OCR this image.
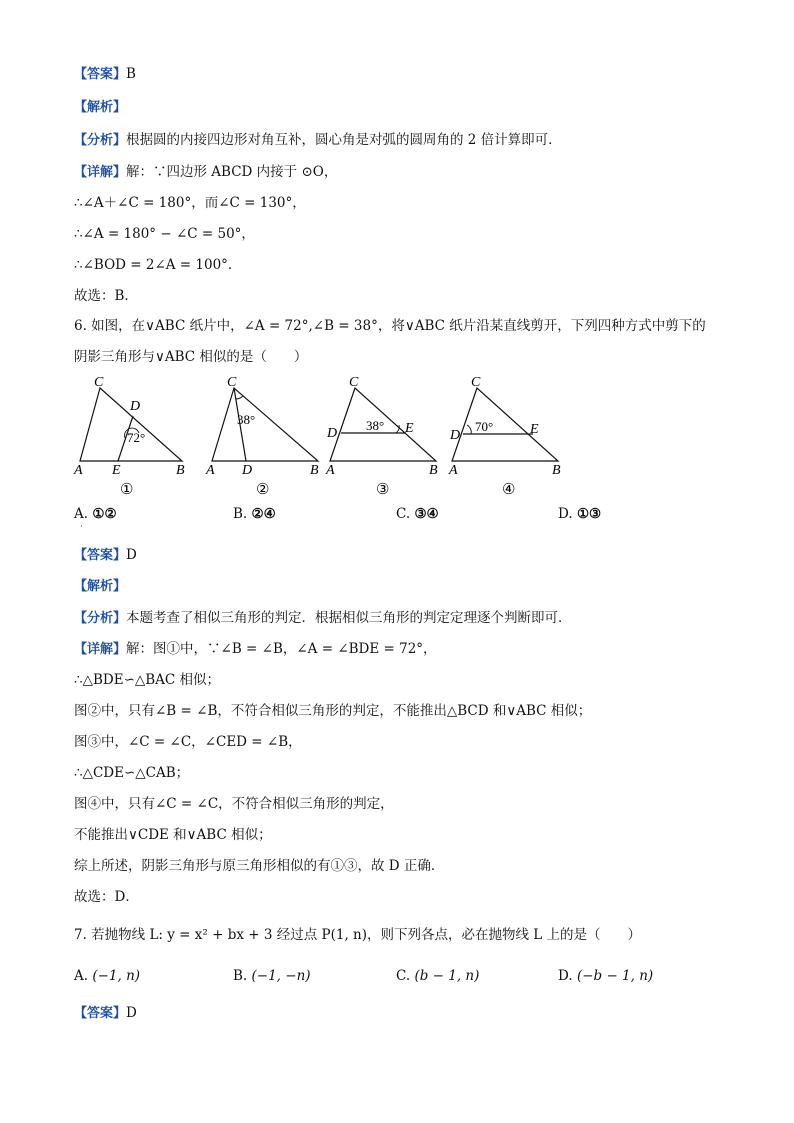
【答案】B
【解析】
【分析】根据圆的内接四边形对角互补，圆心角是对弧的圆周角的 2 倍计算即可．
【详解】解：∵四边形 ABCD 内接于 ⊙O，
∴∠A＋∠C = 180°，而∠C = 130°，
∴∠A = 180° − ∠C = 50°，
∴∠BOD = 2∠A = 100°．
故选：B．
6. 如图，在∨ABC 纸片中，∠A = 72°,∠B = 38°，将∨ABC 纸片沿某直线剪开，下列四种方式中剪下的
阴影三角形与∨ABC 相似的是（　　）
C
D
A E	B
72°
①
C
A D	B
38°
②
C
D	E
A	B
38°
③
C
D	E
A	B
70°
④
A. ①②	B. ②④	C. ③④	D. ①③
·
【答案】D
【解析】
【分析】本题考查了相似三角形的判定．根据相似三角形的判定定理逐个判断即可．
【详解】解：图①中，∵∠B = ∠B，∠A = ∠BDE = 72°，
∴△BDE∽△BAC 相似；
图②中，只有∠B = ∠B，不符合相似三角形的判定，不能推出△BCD 和∨ABC 相似；
图③中，∠C = ∠C，∠CED = ∠B，
∴△CDE∽△CAB；
图④中，只有∠C = ∠C，不符合相似三角形的判定，
不能推出∨CDE 和∨ABC 相似；
综上所述，阴影三角形与原三角形相似的有①③，故 D 正确．
故选：D．
7. 若抛物线 L: y = x² + bx + 3 经过点 P(1, n)，则下列各点，必在抛物线 L 上的是（　　）
A. (−1, n)	B. (−1, −n)	C. (b − 1, n)	D. (−b − 1, n)
【答案】D
